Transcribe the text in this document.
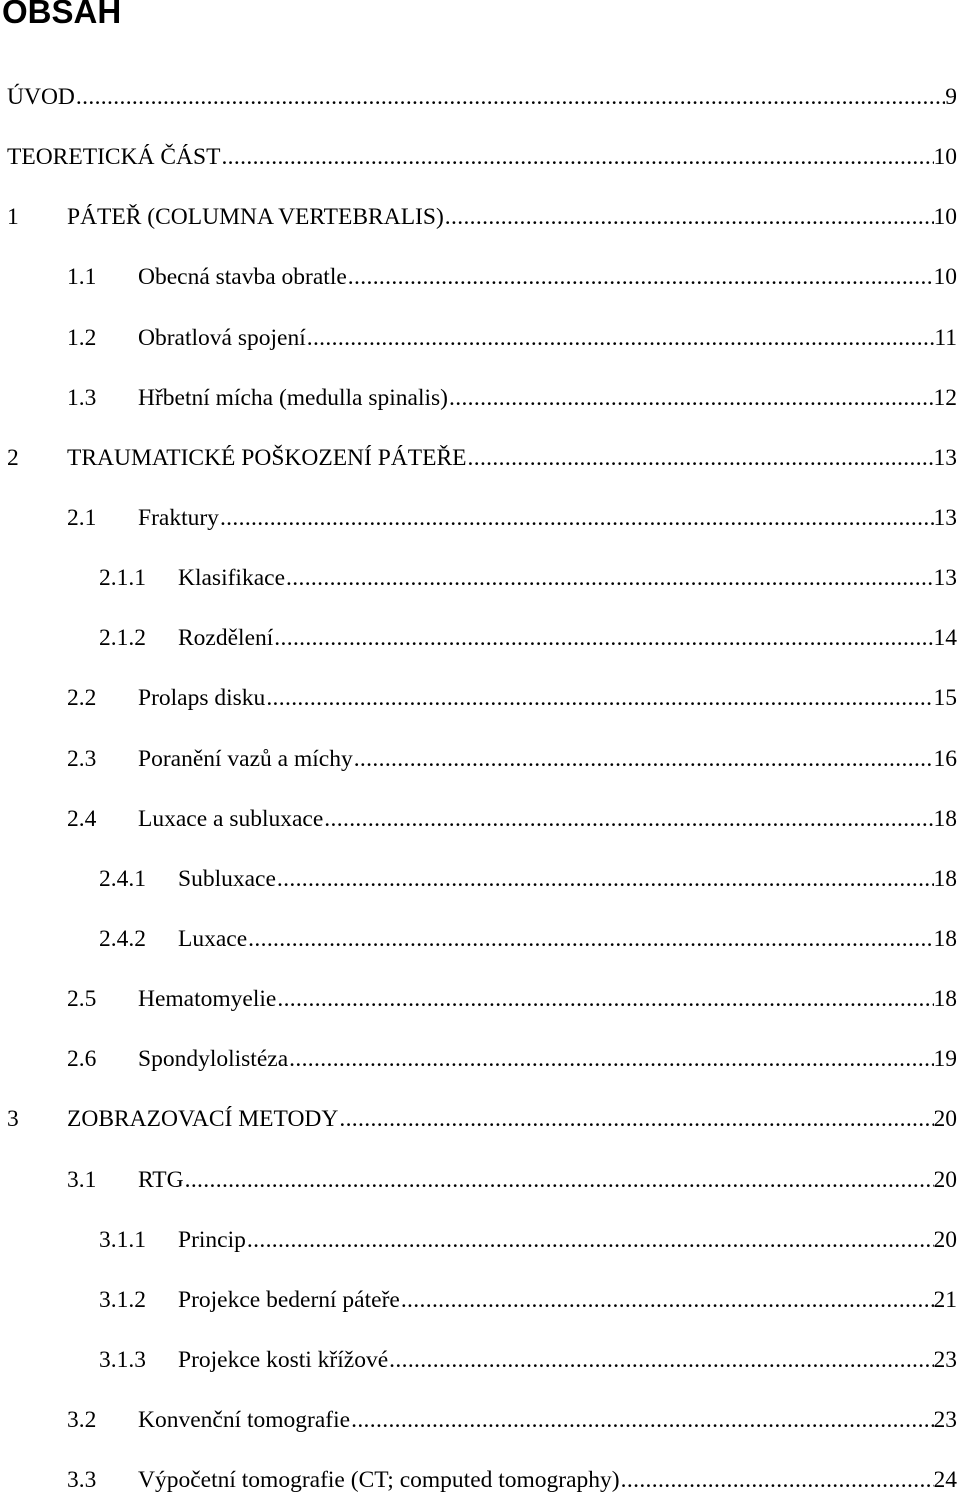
OBSAH
ÚVOD .....	9
TEORETICKÁ ČÁST .....	10
1	PÁTEŘ (COLUMNA VERTEBRALIS) .....	10
1.1	Obecná stavba obratle .....	10
1.2	Obratlová spojení .....	11
1.3	Hřbetní mícha (medulla spinalis) .....	12
2	TRAUMATICKÉ POŠKOZENÍ PÁTEŘE .....	13
2.1	Fraktury .....	13
2.1.1	Klasifikace .....	13
2.1.2	Rozdělení .....	14
2.2	Prolaps disku .....	15
2.3	Poranění vazů a míchy .....	16
2.4	Luxace a subluxace .....	18
2.4.1	Subluxace .....	18
2.4.2	Luxace .....	18
2.5	Hematomyelie .....	18
2.6	Spondylolistéza .....	19
3	ZOBRAZOVACÍ METODY .....	20
3.1	RTG .....	20
3.1.1	Princip .....	20
3.1.2	Projekce bederní páteře .....	21
3.1.3	Projekce kosti křížové .....	23
3.2	Konvenční tomografie .....	23
3.3	Výpočetní tomografie (CT; computed tomography) .....	24
